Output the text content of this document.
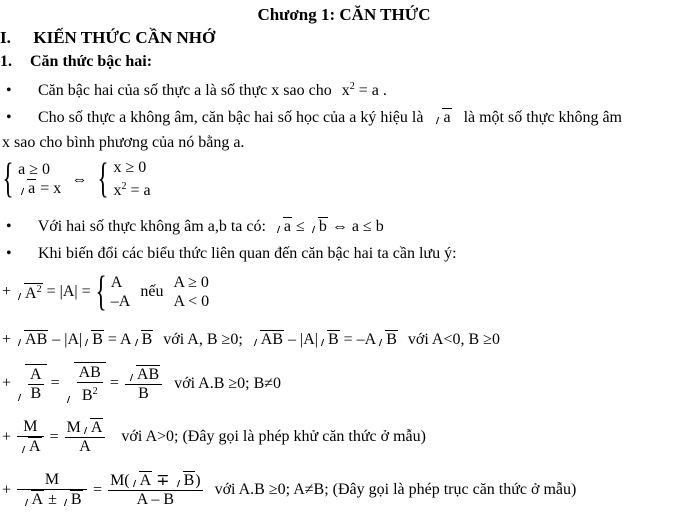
Chương 1: CĂN THỨC
I. KIẾN THỨC CẦN NHỚ
1. Căn thức bậc hai:
• Căn bậc hai của số thực a là số thực x sao cho $x^2 = a$ .
• Cho số thực a không âm, căn bậc hai số học của a ký hiệu là a là một số thực không âm
x sao cho bình phương của nó bằng a.
{ a ≥ 0
a = x
⇔ { x ≥ 0
$x^2 = a$
• Với hai số thực không âm a,b ta có: a ≤ b ⇔ a ≤ b
• Khi biến đổi các biểu thức liên quan đến căn bậc hai ta cần lưu ý:
+ $A^2 = |A|$ = { A
–A
nếu
A ≥ 0
A < 0
+ AB – |A| B = A B với A, B ≥0; AB – |A| B = –A B với A<0, B ≥0
+ $\frac{A}{B} = \frac{AB}{B^2} = \frac{AB}{B}$ với A.B ≥0; B≠0
+ $\frac{M}{A} = \frac{\text{M A}}{A}$ với A>0; (Đây gọi là phép khử căn thức ở mẫu)
+ $\frac{M}{A \pm B} = \frac{M( A \mp B)}{A - B}$ với A.B ≥0; A≠B; (Đây gọi là phép trục căn thức ở mẫu)
